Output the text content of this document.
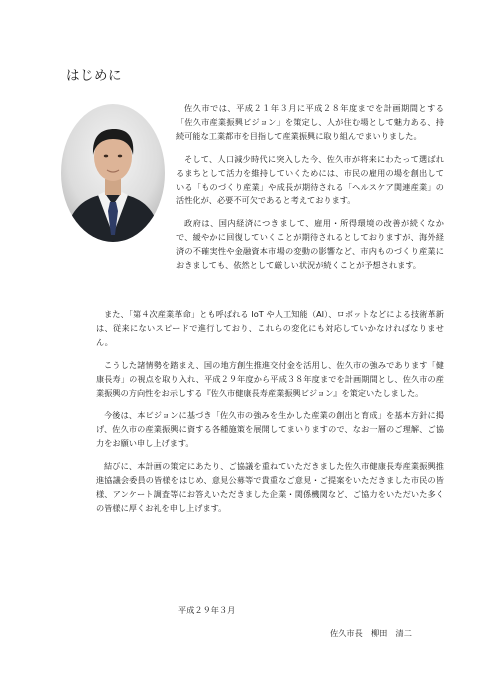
はじめに

佐久市では、平成２１年３月に平成２８年度までを計画期間とする「佐久市産業振興ビジョン」を策定し、人が住む場として魅力ある、持続可能な工業都市を目指して産業振興に取り組んでまいりました。

そして、人口減少時代に突入した今、佐久市が将来にわたって選ばれるまちとして活力を維持していくためには、市民の雇用の場を創出している「ものづくり産業」や成長が期待される「ヘルスケア関連産業」の活性化が、必要不可欠であると考えております。

政府は、国内経済につきまして、雇用・所得環境の改善が続くなかで、緩やかに回復していくことが期待されるとしておりますが、海外経済の不確実性や金融資本市場の変動の影響など、市内ものづくり産業におきましても、依然として厳しい状況が続くことが予想されます。

また、「第４次産業革命」とも呼ばれる IoT や人工知能（AI）、ロボットなどによる技術革新は、従来にないスピードで進行しており、これらの変化にも対応していかなければなりません。

こうした諸情勢を踏まえ、国の地方創生推進交付金を活用し、佐久市の強みであります「健康長寿」の視点を取り入れ、平成２９年度から平成３８年度までを計画期間とし、佐久市の産業振興の方向性をお示しする『佐久市健康長寿産業振興ビジョン』を策定いたしました。

今後は、本ビジョンに基づき「佐久市の強みを生かした産業の創出と育成」を基本方針に掲げ、佐久市の産業振興に資する各種施策を展開してまいりますので、なお一層のご理解、ご協力をお願い申し上げます。

結びに、本計画の策定にあたり、ご協議を重ねていただきました佐久市健康長寿産業振興推進協議会委員の皆様をはじめ、意見公募等で貴重なご意見・ご提案をいただきました市民の皆様、アンケート調査等にお答えいただきました企業・関係機関など、ご協力をいただいた多くの皆様に厚くお礼を申し上げます。

平成２９年３月
佐久市長　柳田　清二
